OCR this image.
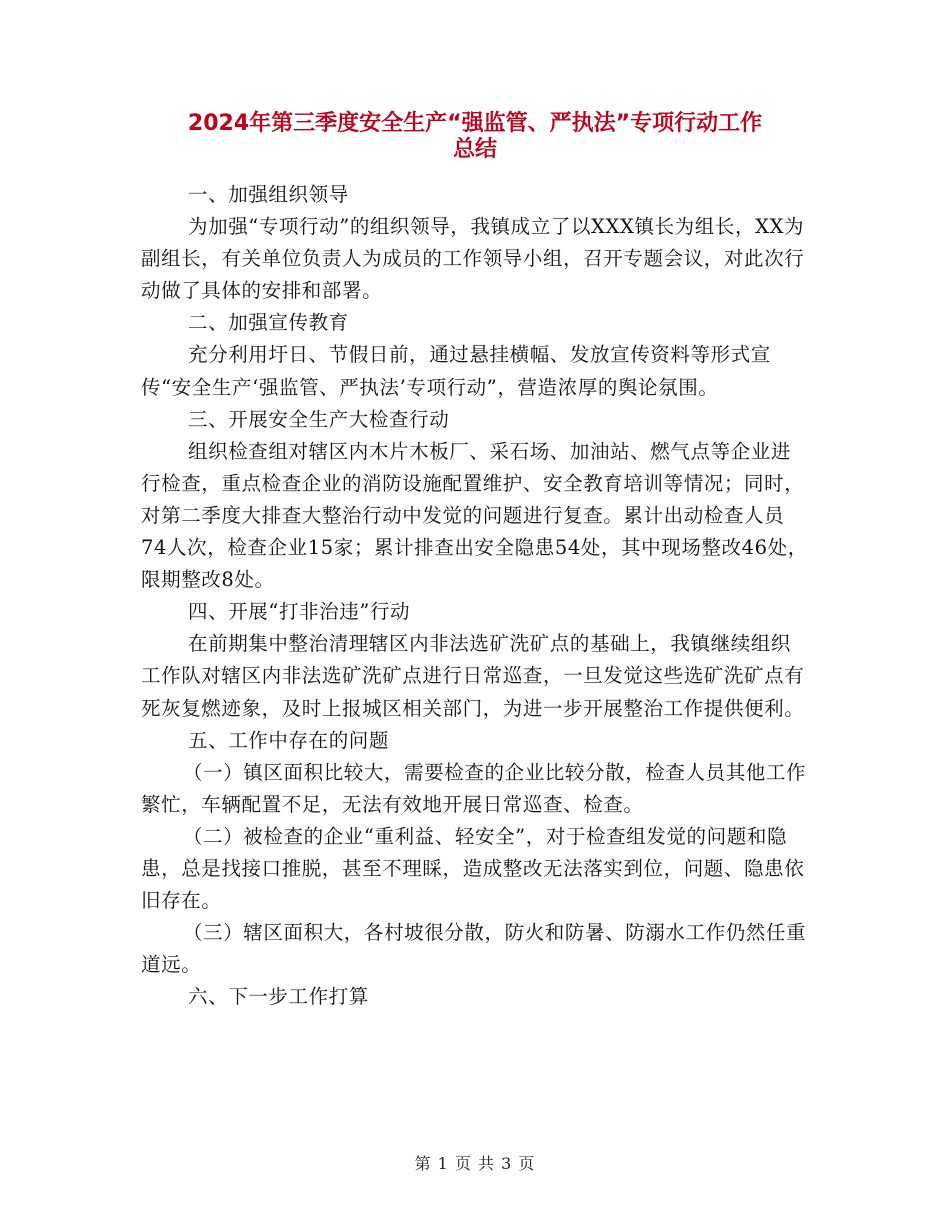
2024年第三季度安全生产“强监管、严执法”专项行动工作
总结

一、加强组织领导

为加强“专项行动”的组织领导，我镇成立了以XXX镇长为组长，XX为副组长，有关单位负责人为成员的工作领导小组，召开专题会议，对此次行动做了具体的安排和部署。

二、加强宣传教育

充分利用圩日、节假日前，通过悬挂横幅、发放宣传资料等形式宣传“安全生产‘强监管、严执法’专项行动”，营造浓厚的舆论氛围。

三、开展安全生产大检查行动

组织检查组对辖区内木片木板厂、采石场、加油站、燃气点等企业进行检查，重点检查企业的消防设施配置维护、安全教育培训等情况；同时，对第二季度大排查大整治行动中发觉的问题进行复查。累计出动检查人员74人次，检查企业15家；累计排查出安全隐患54处，其中现场整改46处，限期整改8处。

四、开展“打非治违”行动

在前期集中整治清理辖区内非法选矿洗矿点的基础上，我镇继续组织工作队对辖区内非法选矿洗矿点进行日常巡查，一旦发觉这些选矿洗矿点有死灰复燃迹象，及时上报城区相关部门，为进一步开展整治工作提供便利。

五、工作中存在的问题

（一）镇区面积比较大，需要检查的企业比较分散，检查人员其他工作繁忙，车辆配置不足，无法有效地开展日常巡查、检查。

（二）被检查的企业“重利益、轻安全”，对于检查组发觉的问题和隐患，总是找接口推脱，甚至不理睬，造成整改无法落实到位，问题、隐患依旧存在。

（三）辖区面积大，各村坡很分散，防火和防暑、防溺水工作仍然任重道远。

六、下一步工作打算

第 1 页 共 3 页
